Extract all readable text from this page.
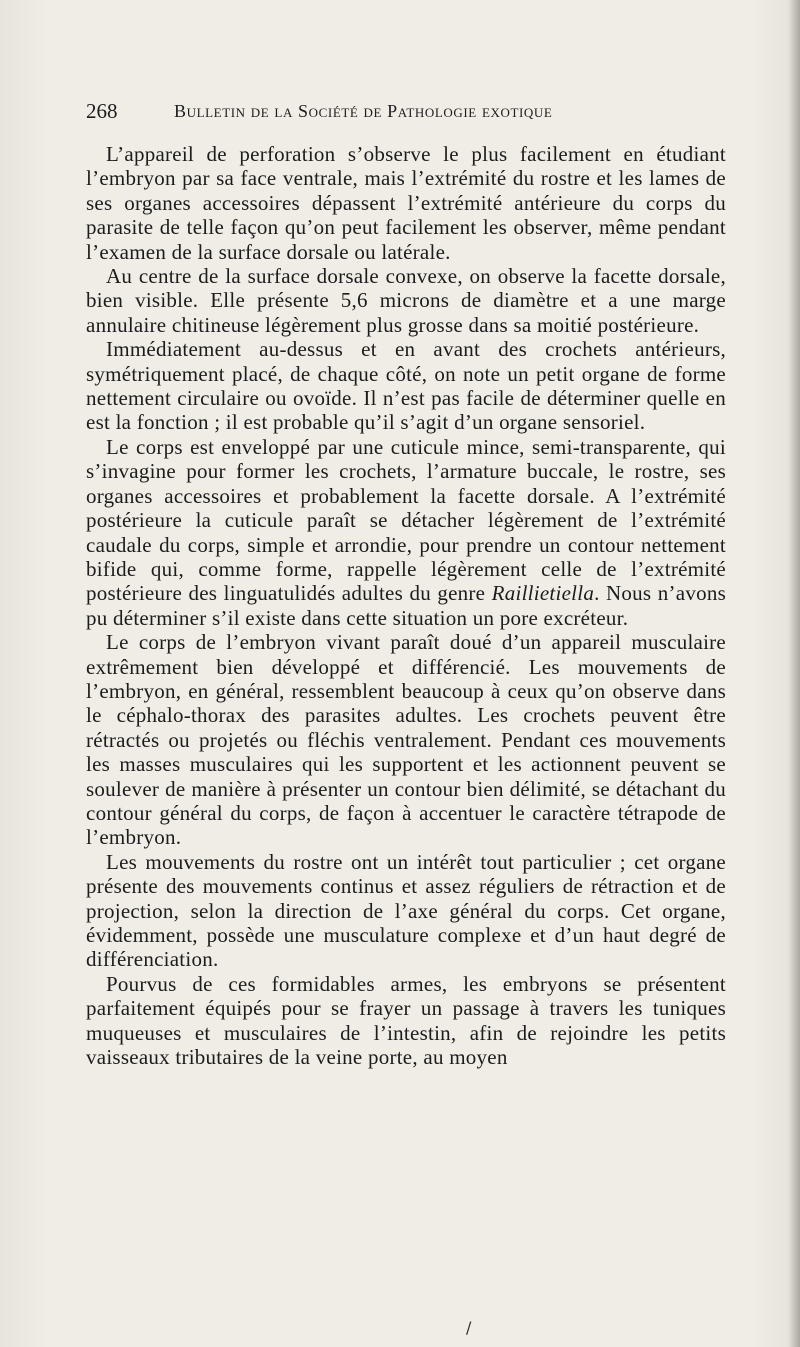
268	Bulletin de la Société de Pathologie exotique

L’appareil de perforation s’observe le plus facilement en étudiant l’embryon par sa face ventrale, mais l’extrémité du rostre et les lames de ses organes accessoires dépassent l’extrémité antérieure du corps du parasite de telle façon qu’on peut facilement les observer, même pendant l’examen de la surface dorsale ou latérale.

Au centre de la surface dorsale convexe, on observe la facette dorsale, bien visible. Elle présente 5,6 microns de diamètre et a une marge annulaire chitineuse légèrement plus grosse dans sa moitié postérieure.

Immédiatement au-dessus et en avant des crochets antérieurs, symétriquement placé, de chaque côté, on note un petit organe de forme nettement circulaire ou ovoïde. Il n’est pas facile de déterminer quelle en est la fonction ; il est probable qu’il s’agit d’un organe sensoriel.

Le corps est enveloppé par une cuticule mince, semi-transparente, qui s’invagine pour former les crochets, l’armature buccale, le rostre, ses organes accessoires et probablement la facette dorsale. A l’extrémité postérieure la cuticule paraît se détacher légèrement de l’extrémité caudale du corps, simple et arrondie, pour prendre un contour nettement bifide qui, comme forme, rappelle légèrement celle de l’extrémité postérieure des linguatulidés adultes du genre Raillietiella. Nous n’avons pu déterminer s’il existe dans cette situation un pore excréteur.

Le corps de l’embryon vivant paraît doué d’un appareil musculaire extrêmement bien développé et différencié. Les mouvements de l’embryon, en général, ressemblent beaucoup à ceux qu’on observe dans le céphalo-thorax des parasites adultes. Les crochets peuvent être rétractés ou projetés ou fléchis ventralement. Pendant ces mouvements les masses musculaires qui les supportent et les actionnent peuvent se soulever de manière à présenter un contour bien délimité, se détachant du contour général du corps, de façon à accentuer le caractère tétrapode de l’embryon.

Les mouvements du rostre ont un intérêt tout particulier ; cet organe présente des mouvements continus et assez réguliers de rétraction et de projection, selon la direction de l’axe général du corps. Cet organe, évidemment, possède une musculature complexe et d’un haut degré de différenciation.

Pourvus de ces formidables armes, les embryons se présentent parfaitement équipés pour se frayer un passage à travers les tuniques muqueuses et musculaires de l’intestin, afin de rejoindre les petits vaisseaux tributaires de la veine porte, au moyen

/
